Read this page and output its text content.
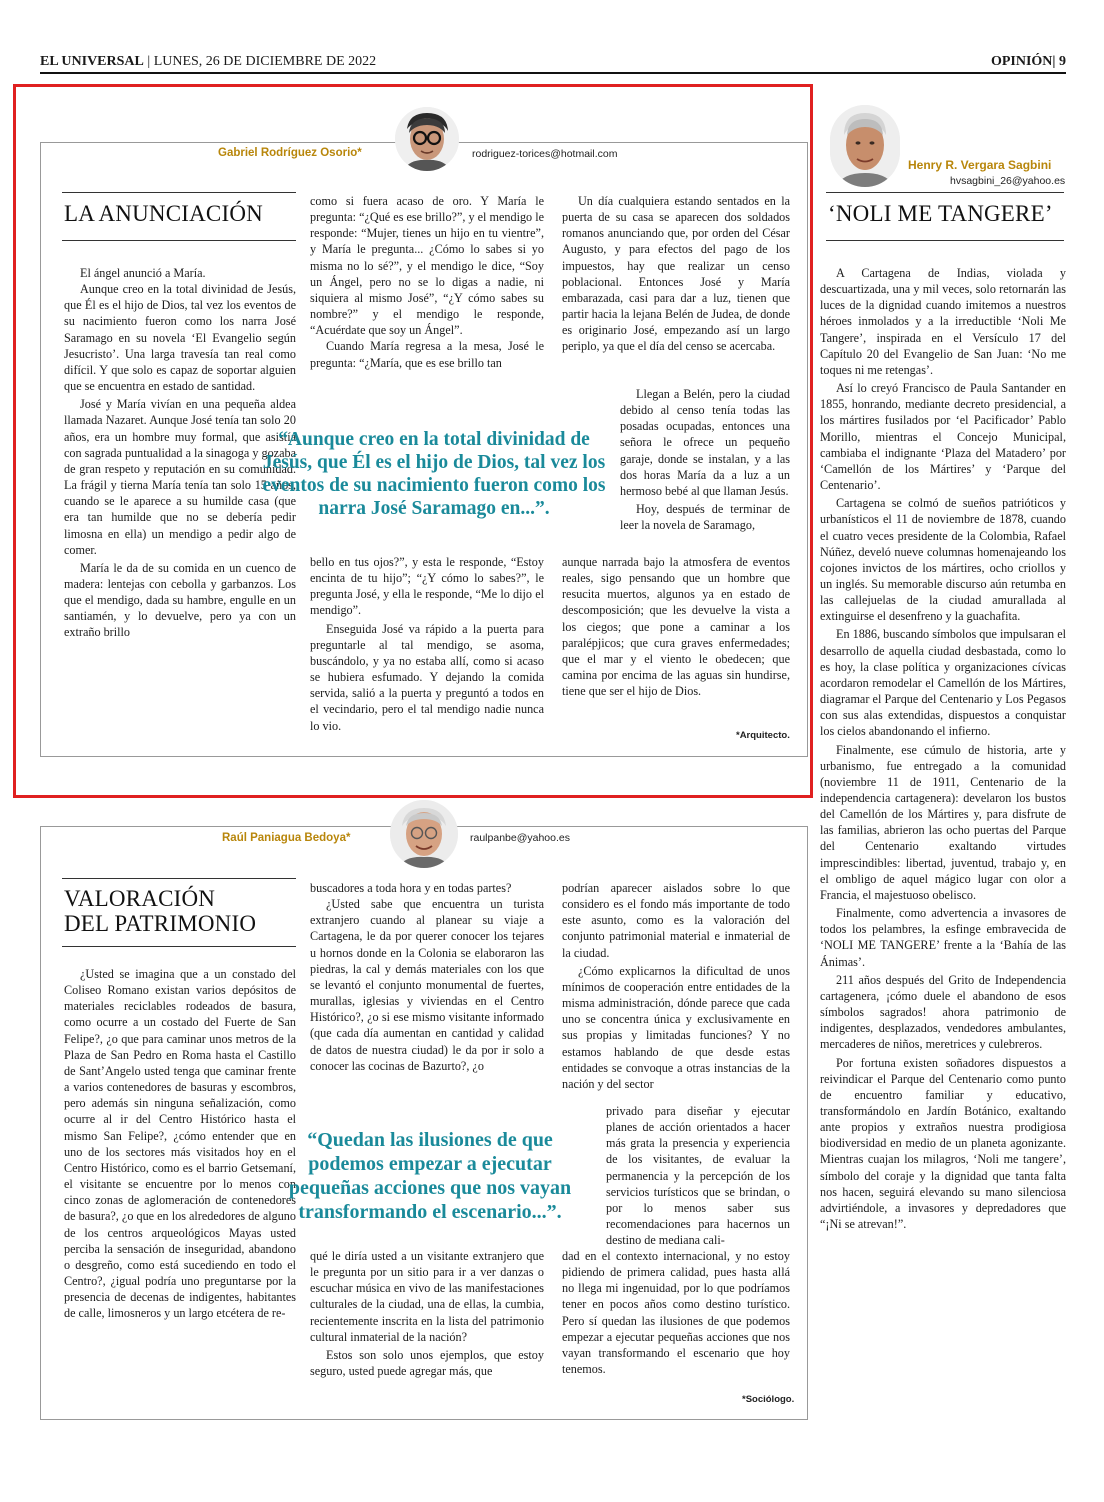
EL UNIVERSAL | LUNES, 26 DE DICIEMBRE DE 2022	OPINIÓN| 9
Gabriel Rodríguez Osorio*	rodriguez-torices@hotmail.com
LA ANUNCIACIÓN

El ángel anunció a María.

Aunque creo en la total divinidad de Jesús, que Él es el hijo de Dios, tal vez los eventos de su nacimiento fueron como los narra José Saramago en su novela ‘El Evangelio según Jesucristo’. Una larga travesía tan real como difícil. Y que solo es capaz de soportar alguien que se encuentra en estado de santidad.

José y María vivían en una pequeña aldea llamada Nazaret. Aunque José tenía tan solo 20 años, era un hombre muy formal, que asistía con sagrada puntualidad a la sinagoga y gozaba de gran respeto y reputación en su comunidad. La frágil y tierna María tenía tan solo 15 años, cuando se le aparece a su humilde casa (que era tan humilde que no se debería pedir limosna en ella) un mendigo a pedir algo de comer.

María le da de su comida en un cuenco de madera: lentejas con cebolla y garbanzos. Los que el mendigo, dada su hambre, engulle en un santiamén, y lo devuelve, pero ya con un extraño brillo

como si fuera acaso de oro. Y María le pregunta: “¿Qué es ese brillo?”, y el mendigo le responde: “Mujer, tienes un hijo en tu vientre”, y María le pregunta... ¿Cómo lo sabes si yo misma no lo sé?”, y el mendigo le dice, “Soy un Ángel, pero no se lo digas a nadie, ni siquiera al mismo José”, “¿Y cómo sabes su nombre?” y el mendigo le responde, “Acuérdate que soy un Ángel”.

Cuando María regresa a la mesa, José le pregunta: “¿María, que es ese brillo tan

Un día cualquiera estando sentados en la puerta de su casa se aparecen dos soldados romanos anunciando que, por orden del César Augusto, y para efectos del pago de los impuestos, hay que realizar un censo poblacional. Entonces José y María embarazada, casi para dar a luz, tienen que partir hacia la lejana Belén de Judea, de donde es originario José, empezando así un largo periplo, ya que el día del censo se acercaba.

“Aunque creo en la total divinidad de Jesús, que Él es el hijo de Dios, tal vez los eventos de su nacimiento fueron como los narra José Saramago en...”.

Llegan a Belén, pero la ciudad debido al censo tenía todas las posadas ocupadas, entonces una señora le ofrece un pequeño garaje, donde se instalan, y a las dos horas María da a luz a un hermoso bebé al que llaman Jesús.

Hoy, después de terminar de leer la novela de Saramago,

bello en tus ojos?”, y esta le responde, “Estoy encinta de tu hijo”; “¿Y cómo lo sabes?”, le pregunta José, y ella le responde, “Me lo dijo el mendigo”.

Enseguida José va rápido a la puerta para preguntarle al tal mendigo, se asoma, buscándolo, y ya no estaba allí, como si acaso se hubiera esfumado. Y dejando la comida servida, salió a la puerta y preguntó a todos en el vecindario, pero el tal mendigo nadie nunca lo vio.

aunque narrada bajo la atmosfera de eventos reales, sigo pensando que un hombre que resucita muertos, algunos ya en estado de descomposición; que les devuelve la vista a los ciegos; que pone a caminar a los paralépjicos; que cura graves enfermedades; que el mar y el viento le obedecen; que camina por encima de las aguas sin hundirse, tiene que ser el hijo de Dios.

*Arquitecto.
Raúl Paniagua Bedoya*	raulpanbe@yahoo.es
VALORACIÓN
DEL PATRIMONIO

¿Usted se imagina que a un constado del Coliseo Romano existan varios depósitos de materiales reciclables rodeados de basura, como ocurre a un costado del Fuerte de San Felipe?, ¿o que para caminar unos metros de la Plaza de San Pedro en Roma hasta el Castillo de Sant’Angelo usted tenga que caminar frente a varios contenedores de basuras y escombros, pero además sin ninguna señalización, como ocurre al ir del Centro Histórico hasta el mismo San Felipe?, ¿cómo entender que en uno de los sectores más visitados hoy en el Centro Histórico, como es el barrio Getsemaní, el visitante se encuentre por lo menos con cinco zonas de aglomeración de contenedores de basura?, ¿o que en los alrededores de alguno de los centros arqueológicos Mayas usted perciba la sensación de inseguridad, abandono o desgreño, como está sucediendo en todo el Centro?, ¿igual podría uno preguntarse por la presencia de decenas de indigentes, habitantes de calle, limosneros y un largo etcétera de re-

buscadores a toda hora y en todas partes?

¿Usted sabe que encuentra un turista extranjero cuando al planear su viaje a Cartagena, le da por querer conocer los tejares u hornos donde en la Colonia se elaboraron las piedras, la cal y demás materiales con los que se levantó el conjunto monumental de fuertes, murallas, iglesias y viviendas en el Centro Histórico?, ¿o si ese mismo visitante informado (que cada día aumentan en cantidad y calidad de datos de nuestra ciudad) le da por ir solo a conocer las cocinas de Bazurto?, ¿o

podrían aparecer aislados sobre lo que considero es el fondo más importante de todo este asunto, como es la valoración del conjunto patrimonial material e inmaterial de la ciudad.

¿Cómo explicarnos la dificultad de unos mínimos de cooperación entre entidades de la misma administración, dónde parece que cada uno se concentra única y exclusivamente en sus propias y limitadas funciones? Y no estamos hablando de que desde estas entidades se convoque a otras instancias de la nación y del sector

“Quedan las ilusiones de que podemos empezar a ejecutar pequeñas acciones que nos vayan transformando el escenario...”.

privado para diseñar y ejecutar planes de acción orientados a hacer más grata la presencia y experiencia de los visitantes, de evaluar la permanencia y la percepción de los servicios turísticos que se brindan, o por lo menos saber sus recomendaciones para hacernos un destino de mediana cali-

qué le diría usted a un visitante extranjero que le pregunta por un sitio para ir a ver danzas o escuchar música en vivo de las manifestaciones culturales de la ciudad, una de ellas, la cumbia, recientemente inscrita en la lista del patrimonio cultural inmaterial de la nación?

Estos son solo unos ejemplos, que estoy seguro, usted puede agregar más, que

dad en el contexto internacional, y no estoy pidiendo de primera calidad, pues hasta allá no llega mi ingenuidad, por lo que podríamos tener en pocos años como destino turístico. Pero sí quedan las ilusiones de que podemos empezar a ejecutar pequeñas acciones que nos vayan transformando el escenario que hoy tenemos.

*Sociólogo.
Henry R. Vergara Sagbini
hvsagbini_26@yahoo.es
‘NOLI ME TANGERE’

A Cartagena de Indias, violada y descuartizada, una y mil veces, solo retornarán las luces de la dignidad cuando imitemos a nuestros héroes inmolados y a la irreductible ‘Noli Me Tangere’, inspirada en el Versículo 17 del Capítulo 20 del Evangelio de San Juan: ‘No me toques ni me retengas’.

Así lo creyó Francisco de Paula Santander en 1855, honrando, mediante decreto presidencial, a los mártires fusilados por ‘el Pacificador’ Pablo Morillo, mientras el Concejo Municipal, cambiaba el indignante ‘Plaza del Matadero’ por ‘Camellón de los Mártires’ y ‘Parque del Centenario’.

Cartagena se colmó de sueños patrióticos y urbanísticos el 11 de noviembre de 1878, cuando el cuatro veces presidente de la Colombia, Rafael Núñez, develó nueve columnas homenajeando los cojones invictos de los mártires, ocho criollos y un inglés. Su memorable discurso aún retumba en las callejuelas de la ciudad amurallada al extinguirse el desenfreno y la guachafita.

En 1886, buscando símbolos que impulsaran el desarrollo de aquella ciudad desbastada, como lo es hoy, la clase política y organizaciones cívicas acordaron remodelar el Camellón de los Mártires, diagramar el Parque del Centenario y Los Pegasos con sus alas extendidas, dispuestos a conquistar los cielos abandonando el infierno.

Finalmente, ese cúmulo de historia, arte y urbanismo, fue entregado a la comunidad (noviembre 11 de 1911, Centenario de la independencia cartagenera): develaron los bustos del Camellón de los Mártires y, para disfrute de las familias, abrieron las ocho puertas del Parque del Centenario exaltando virtudes imprescindibles: libertad, juventud, trabajo y, en el ombligo de aquel mágico lugar con olor a Francia, el majestuoso obelisco.

Finalmente, como advertencia a invasores de todos los pelambres, la esfinge embravecida de ‘NOLI ME TANGERE’ frente a la ‘Bahía de las Ánimas’.

211 años después del Grito de Independencia cartagenera, ¡cómo duele el abandono de esos símbolos sagrados! ahora patrimonio de indigentes, desplazados, vendedores ambulantes, mercaderes de niños, meretrices y culebreros.

Por fortuna existen soñadores dispuestos a reivindicar el Parque del Centenario como punto de encuentro familiar y educativo, transformándolo en Jardín Botánico, exaltando ante propios y extraños nuestra prodigiosa biodiversidad en medio de un planeta agonizante. Mientras cuajan los milagros, ‘Noli me tangere’, símbolo del coraje y la dignidad que tanta falta nos hacen, seguirá elevando su mano silenciosa advirtiéndole, a invasores y depredadores que “¡Ni se atrevan!”.
